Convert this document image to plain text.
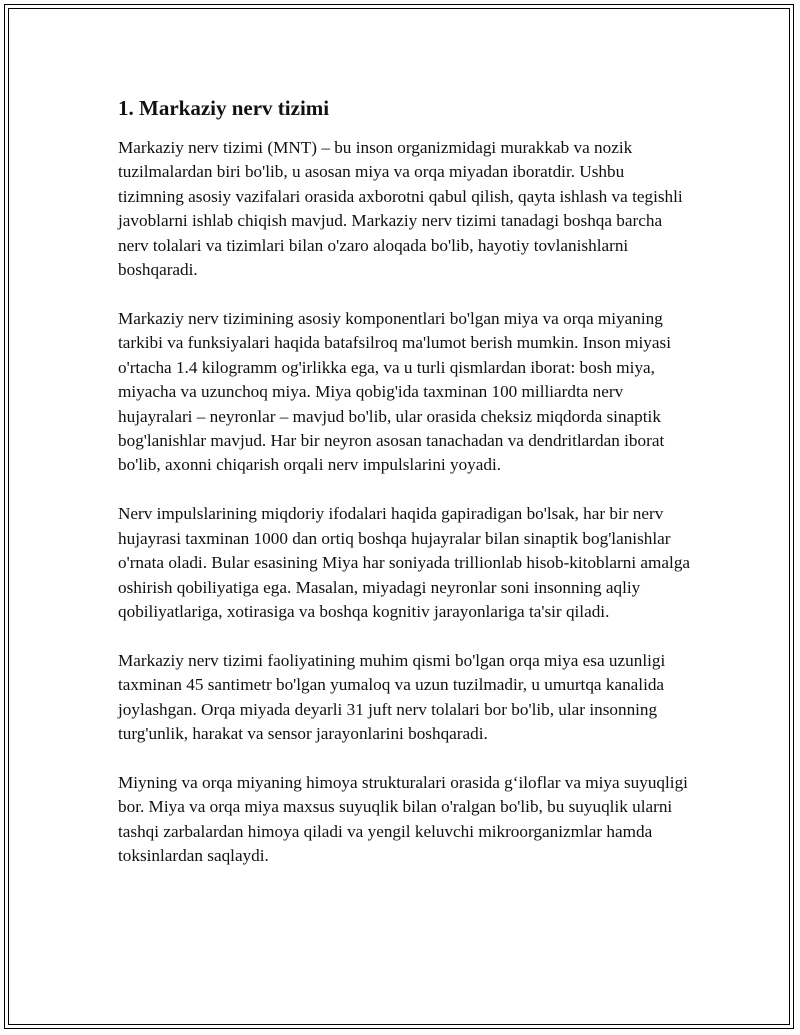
1. Markaziy nerv tizimi

Markaziy nerv tizimi (MNT) – bu inson organizmidagi murakkab va nozik tuzilmalardan biri bo'lib, u asosan miya va orqa miyadan iboratdir. Ushbu tizimning asosiy vazifalari orasida axborotni qabul qilish, qayta ishlash va tegishli javoblarni ishlab chiqish mavjud. Markaziy nerv tizimi tanadagi boshqa barcha nerv tolalari va tizimlari bilan o'zaro aloqada bo'lib, hayotiy tovlanishlarni boshqaradi.

Markaziy nerv tizimining asosiy komponentlari bo'lgan miya va orqa miyaning tarkibi va funksiyalari haqida batafsilroq ma'lumot berish mumkin. Inson miyasi o'rtacha 1.4 kilogramm og'irlikka ega, va u turli qismlardan iborat: bosh miya, miyacha va uzunchoq miya. Miya qobig'ida taxminan 100 milliardta nerv hujayralari – neyronlar – mavjud bo'lib, ular orasida cheksiz miqdorda sinaptik bog'lanishlar mavjud. Har bir neyron asosan tanachadan va dendritlardan iborat bo'lib, axonni chiqarish orqali nerv impulslarini yoyadi.

Nerv impulslarining miqdoriy ifodalari haqida gapiradigan bo'lsak, har bir nerv hujayrasi taxminan 1000 dan ortiq boshqa hujayralar bilan sinaptik bog'lanishlar o'rnata oladi. Bular esasining Miya har soniyada trillionlab hisob-kitoblarni amalga oshirish qobiliyatiga ega. Masalan, miyadagi neyronlar soni insonning aqliy qobiliyatlariga, xotirasiga va boshqa kognitiv jarayonlariga ta'sir qiladi.

Markaziy nerv tizimi faoliyatining muhim qismi bo'lgan orqa miya esa uzunligi taxminan 45 santimetr bo'lgan yumaloq va uzun tuzilmadir, u umurtqa kanalida joylashgan. Orqa miyada deyarli 31 juft nerv tolalari bor bo'lib, ular insonning turg'unlik, harakat va sensor jarayonlarini boshqaradi.

Miyning va orqa miyaning himoya strukturalari orasida g‘iloflar va miya suyuqligi bor. Miya va orqa miya maxsus suyuqlik bilan o'ralgan bo'lib, bu suyuqlik ularni tashqi zarbalardan himoya qiladi va yengil keluvchi mikroorganizmlar hamda toksinlardan saqlaydi.
